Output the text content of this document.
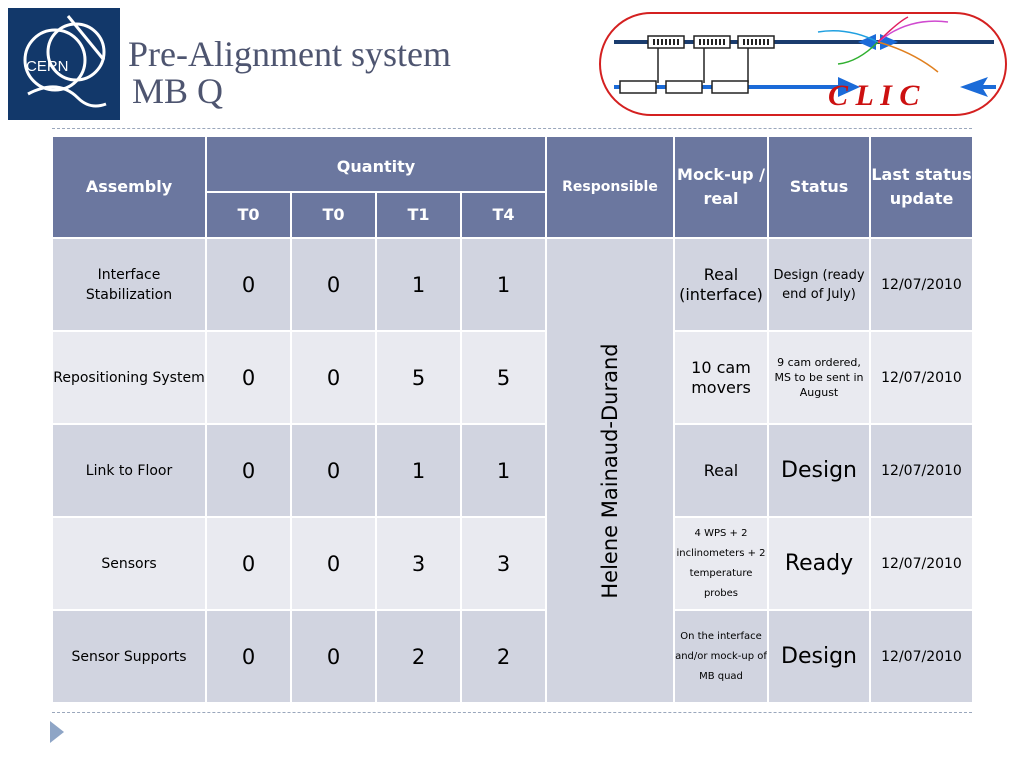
CERN Pre-Alignment system
MB Q	C L I C
Assembly	Quantity				Responsible	Mock-up / real	Status	Last status update
	T0	T0	T1	T4				
Interface Stabilization	0	0	1	1	Helene Mainaud-Durand	Real (interface)	Design (ready end of July)	12/07/2010
Repositioning System	0	0	5	5		10 cam movers	9 cam ordered, MS to be sent in August	12/07/2010
Link to Floor	0	0	1	1		Real	Design	12/07/2010
Sensors	0	0	3	3		4 WPS + 2 inclinometers + 2 temperature probes	Ready	12/07/2010
Sensor Supports	0	0	2	2		On the interface and/or mock-up of MB quad	Design	12/07/2010
